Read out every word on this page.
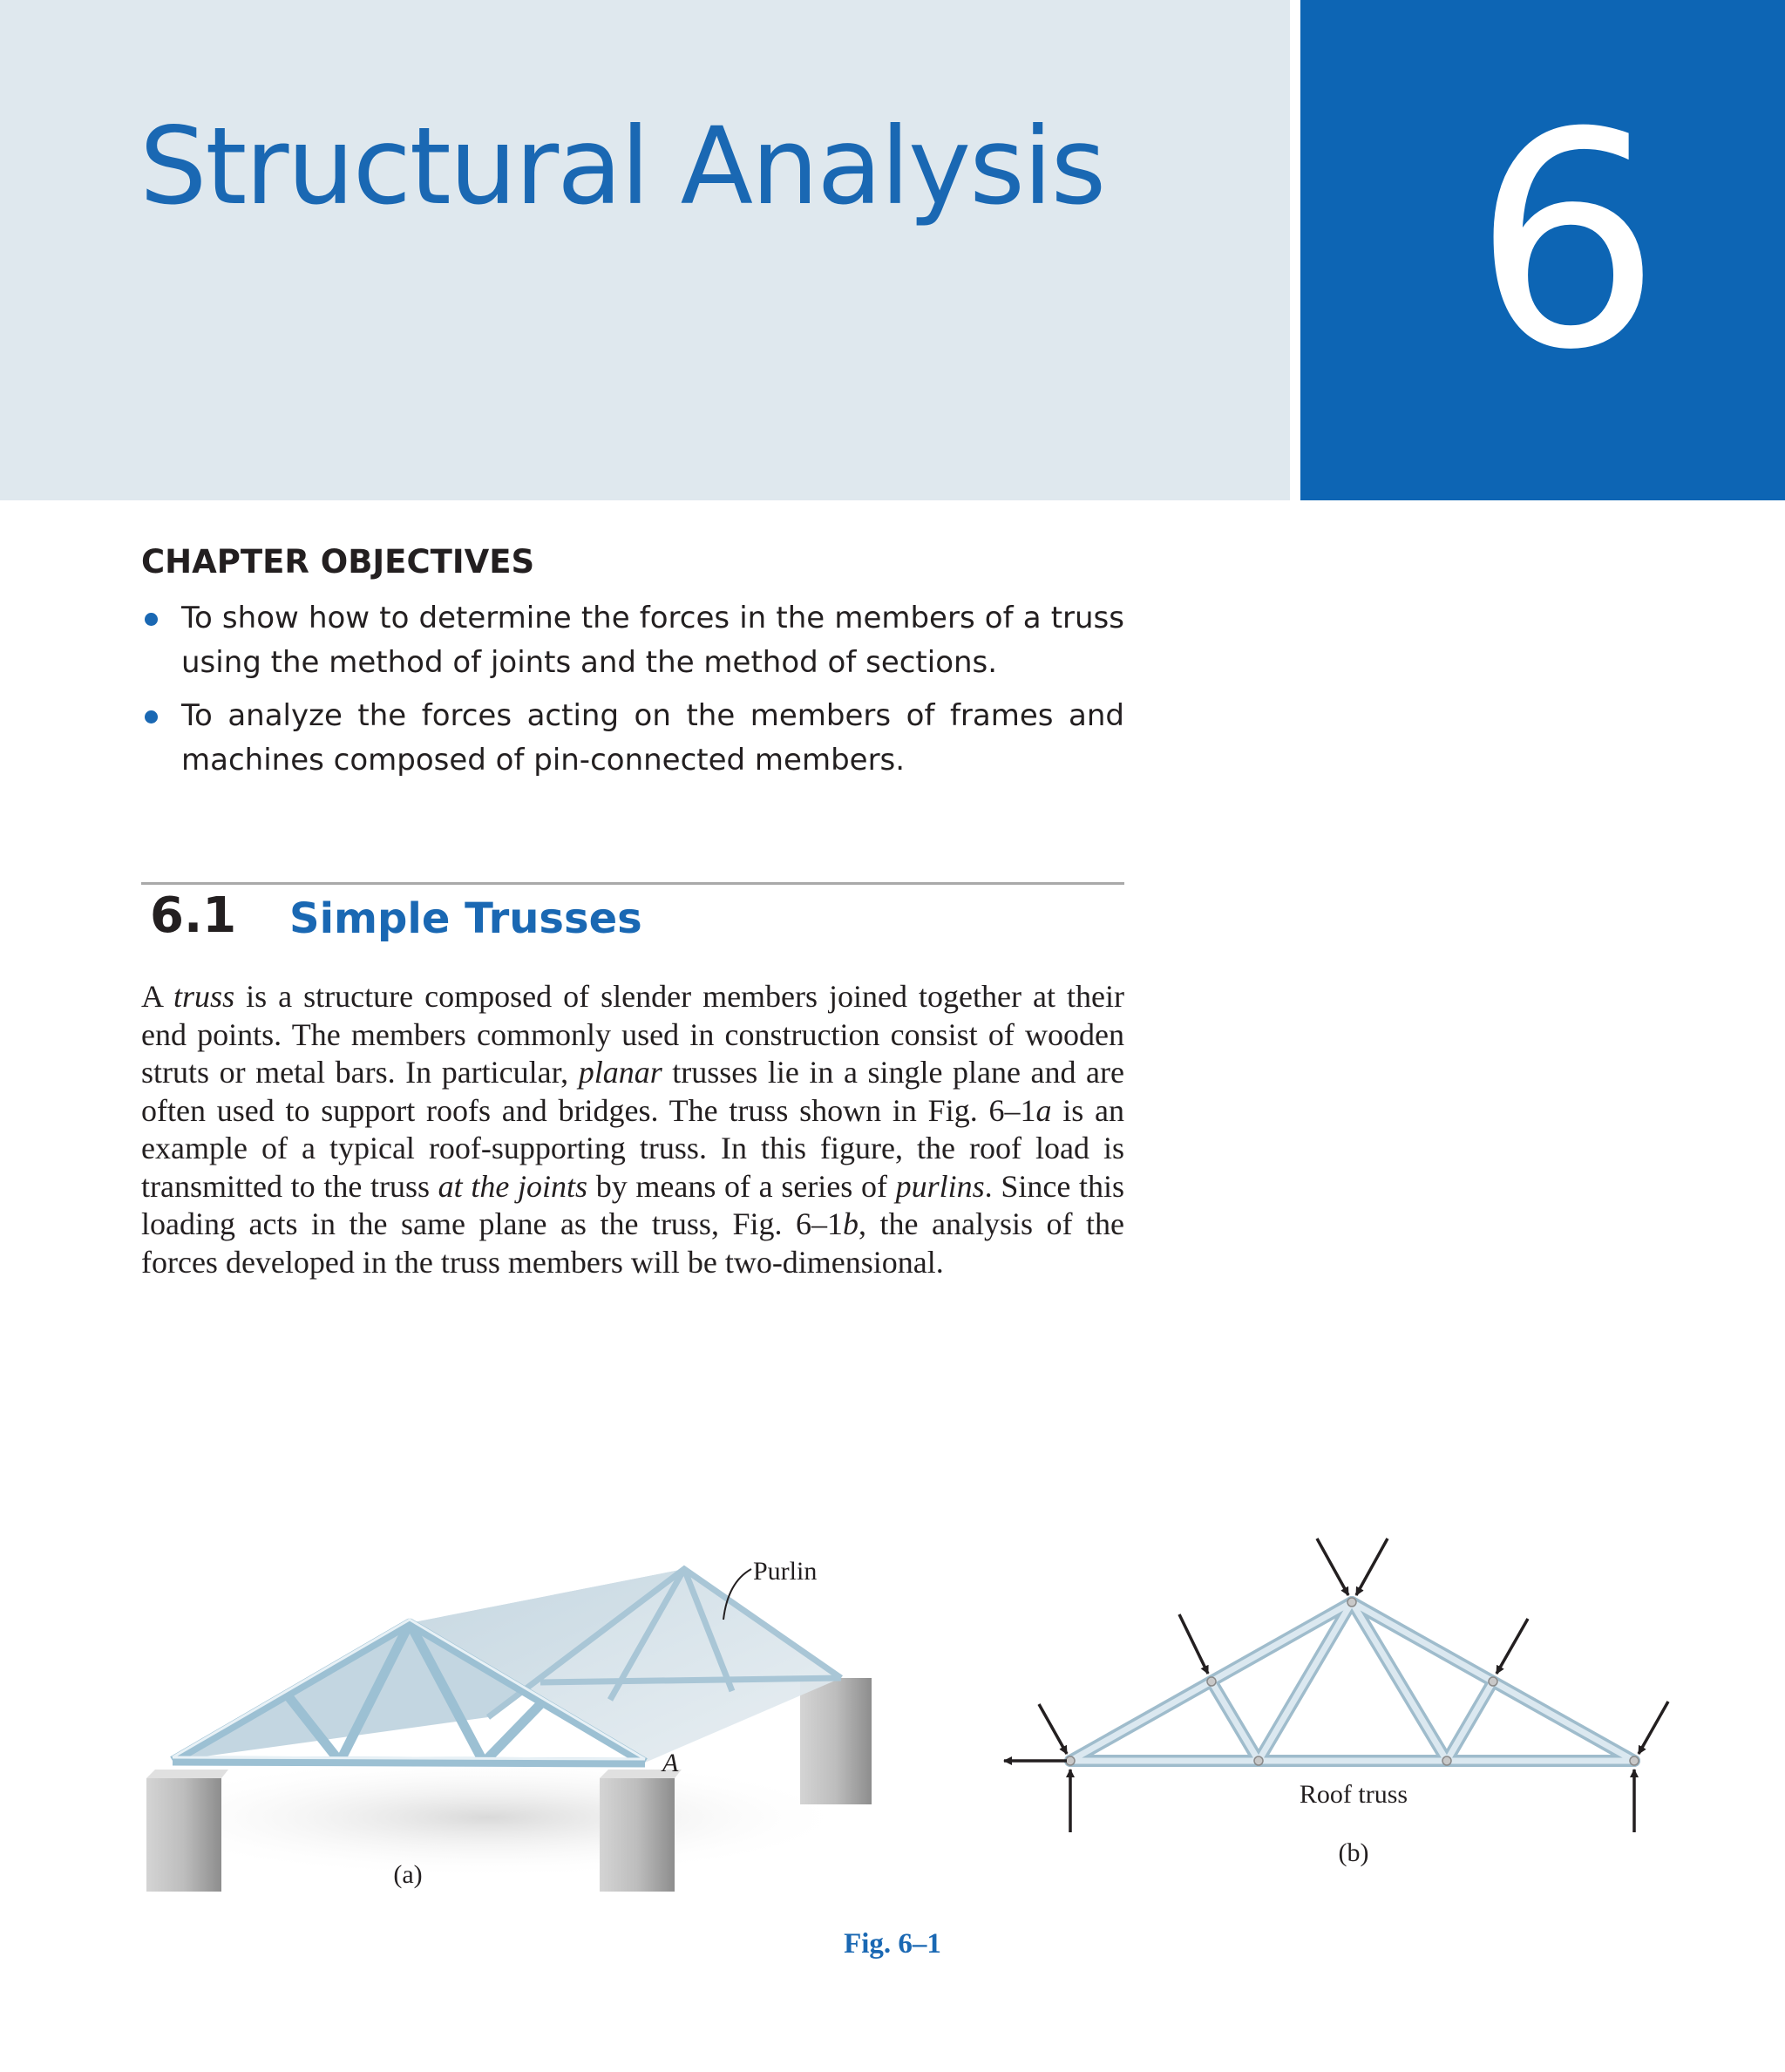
Structural Analysis	6
CHAPTER OBJECTIVES
To show how to determine the forces in the members of a truss using the method of joints and the method of sections.
To analyze the forces acting on the members of frames and machines composed of pin-connected members.
6.1 Simple Trusses

A truss is a structure composed of slender members joined together at their end points. The members commonly used in construction consist of wooden struts or metal bars. In particular, planar trusses lie in a single plane and are often used to support roofs and bridges. The truss shown in Fig. 6–1a is an example of a typical roof-supporting truss. In this figure, the roof load is transmitted to the truss at the joints by means of a series of purlins. Since this loading acts in the same plane as the truss, Fig. 6–1b, the analysis of the forces developed in the truss members will be two-dimensional.

Purlin
A
(a)
Roof truss
(b)
Fig. 6–1
